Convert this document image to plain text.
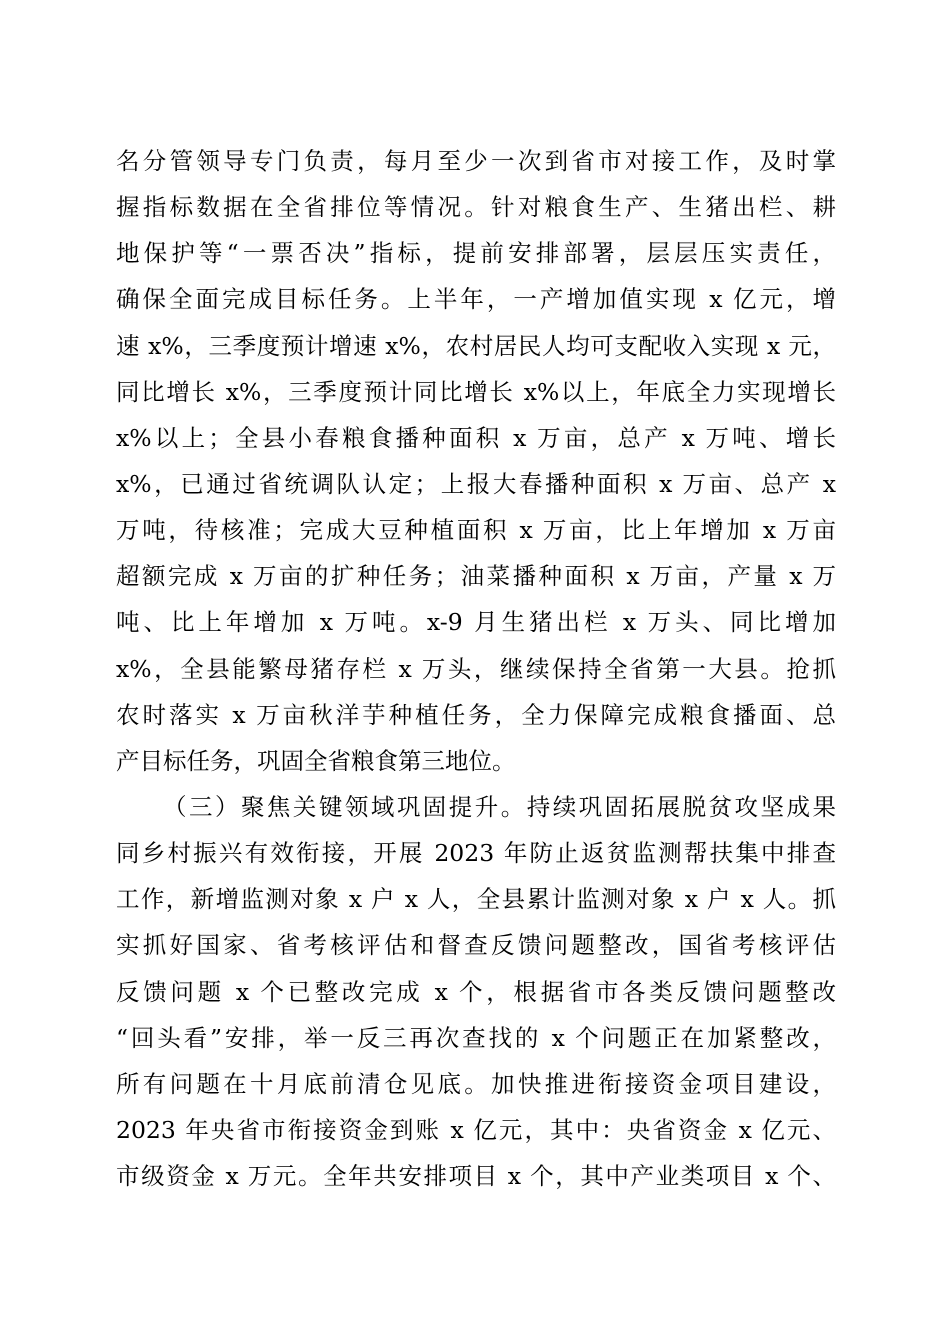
名分管领导专门负责，每月至少一次到省市对接工作，及时掌
握指标数据在全省排位等情况。针对粮食生产、生猪出栏、耕
地保护等“一票否决”指标，提前安排部署，层层压实责任，
确保全面完成目标任务。上半年，一产增加值实现 x 亿元，增
速 x%，三季度预计增速 x%，农村居民人均可支配收入实现 x 元，
同比增长 x%，三季度预计同比增长 x%以上，年底全力实现增长
x%以上；全县小春粮食播种面积 x 万亩，总产 x 万吨、增长
x%，已通过省统调队认定；上报大春播种面积 x 万亩、总产 x
万吨，待核准；完成大豆种植面积 x 万亩，比上年增加 x 万亩
超额完成 x 万亩的扩种任务；油菜播种面积 x 万亩，产量 x 万
吨、比上年增加 x 万吨。x-9 月生猪出栏 x 万头、同比增加
x%，全县能繁母猪存栏 x 万头，继续保持全省第一大县。抢抓
农时落实 x 万亩秋洋芋种植任务，全力保障完成粮食播面、总
产目标任务，巩固全省粮食第三地位。
（三）聚焦关键领域巩固提升。持续巩固拓展脱贫攻坚成果
同乡村振兴有效衔接，开展 2023 年防止返贫监测帮扶集中排查
工作，新增监测对象 x 户 x 人，全县累计监测对象 x 户 x 人。抓
实抓好国家、省考核评估和督查反馈问题整改，国省考核评估
反馈问题 x 个已整改完成 x 个，根据省市各类反馈问题整改
“回头看”安排，举一反三再次查找的 x 个问题正在加紧整改，
所有问题在十月底前清仓见底。加快推进衔接资金项目建设，
2023 年央省市衔接资金到账 x 亿元，其中：央省资金 x 亿元、
市级资金 x 万元。全年共安排项目 x 个，其中产业类项目 x 个、
